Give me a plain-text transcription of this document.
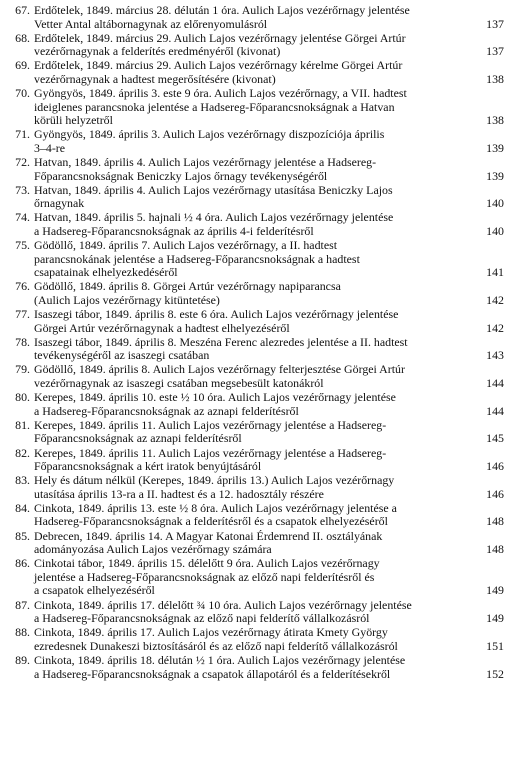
67. Erdőtelek, 1849. március 28. délután 1 óra. Aulich Lajos vezérőrnagy jelentése
Vetter Antal altábornagynak az előrenyomulásról	137
68. Erdőtelek, 1849. március 29. Aulich Lajos vezérőrnagy jelentése Görgei Artúr
vezérőrnagynak a felderítés eredményéről (kivonat)	137
69. Erdőtelek, 1849. március 29. Aulich Lajos vezérőrnagy kérelme Görgei Artúr
vezérőrnagynak a hadtest megerősítésére (kivonat)	138
70. Gyöngyös, 1849. április 3. este 9 óra. Aulich Lajos vezérőrnagy, a VII. hadtest
ideiglenes parancsnoka jelentése a Hadsereg-Főparancsnokságnak a Hatvan
körüli helyzetről	138
71. Gyöngyös, 1849. április 3. Aulich Lajos vezérőrnagy diszpozíciója április
3–4-re	139
72. Hatvan, 1849. április 4. Aulich Lajos vezérőrnagy jelentése a Hadsereg-
Főparancsnokságnak Beniczky Lajos őrnagy tevékenységéről	139
73. Hatvan, 1849. április 4. Aulich Lajos vezérőrnagy utasítása Beniczky Lajos
őrnagynak	140
74. Hatvan, 1849. április 5. hajnali ½ 4 óra. Aulich Lajos vezérőrnagy jelentése
a Hadsereg-Főparancsnokságnak az április 4-i felderítésről	140
75. Gödöllő, 1849. április 7. Aulich Lajos vezérőrnagy, a II. hadtest
parancsnokának jelentése a Hadsereg-Főparancsnokságnak a hadtest
csapatainak elhelyezkedéséről	141
76. Gödöllő, 1849. április 8. Görgei Artúr vezérőrnagy napiparancsa
(Aulich Lajos vezérőrnagy kitüntetése)	142
77. Isaszegi tábor, 1849. április 8. este 6 óra. Aulich Lajos vezérőrnagy jelentése
Görgei Artúr vezérőrnagynak a hadtest elhelyezéséről	142
78. Isaszegi tábor, 1849. április 8. Meszéna Ferenc alezredes jelentése a II. hadtest
tevékenységéről az isaszegi csatában	143
79. Gödöllő, 1849. április 8. Aulich Lajos vezérőrnagy felterjesztése Görgei Artúr
vezérőrnagynak az isaszegi csatában megsebesült katonákról	144
80. Kerepes, 1849. április 10. este ½ 10 óra. Aulich Lajos vezérőrnagy jelentése
a Hadsereg-Főparancsnokságnak az aznapi felderítésről	144
81. Kerepes, 1849. április 11. Aulich Lajos vezérőrnagy jelentése a Hadsereg-
Főparancsnokságnak az aznapi felderítésről	145
82. Kerepes, 1849. április 11. Aulich Lajos vezérőrnagy jelentése a Hadsereg-
Főparancsnokságnak a kért iratok benyújtásáról	146
83. Hely és dátum nélkül (Kerepes, 1849. április 13.) Aulich Lajos vezérőrnagy
utasítása április 13-ra a II. hadtest és a 12. hadosztály részére	146
84. Cinkota, 1849. április 13. este ½ 8 óra. Aulich Lajos vezérőrnagy jelentése a
Hadsereg-Főparancsnokságnak a felderítésről és a csapatok elhelyezéséről	148
85. Debrecen, 1849. április 14. A Magyar Katonai Érdemrend II. osztályának
adományozása Aulich Lajos vezérőrnagy számára	148
86. Cinkotai tábor, 1849. április 15. délelőtt 9 óra. Aulich Lajos vezérőrnagy
jelentése a Hadsereg-Főparancsnokságnak az előző napi felderítésről és
a csapatok elhelyezéséről	149
87. Cinkota, 1849. április 17. délelőtt ¾ 10 óra. Aulich Lajos vezérőrnagy jelentése
a Hadsereg-Főparancsnokságnak az előző napi felderítő vállalkozásról	149
88. Cinkota, 1849. április 17. Aulich Lajos vezérőrnagy átirata Kmety György
ezredesnek Dunakeszi biztosításáról és az előző napi felderítő vállalkozásról	151
89. Cinkota, 1849. április 18. délután ½ 1 óra. Aulich Lajos vezérőrnagy jelentése
a Hadsereg-Főparancsnokságnak a csapatok állapotáról és a felderítésekről	152
